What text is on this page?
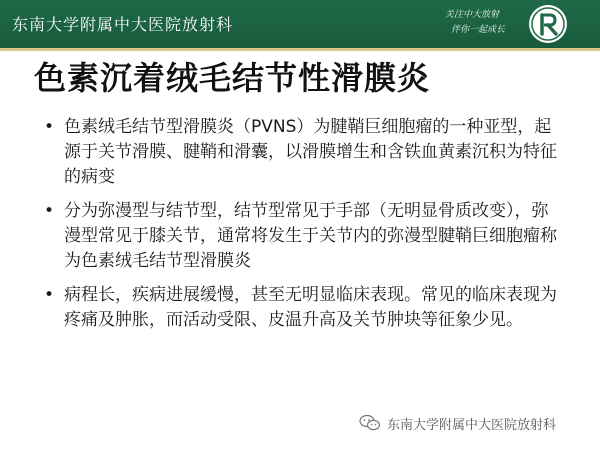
东南大学附属中大医院放射科	关注中大放射
伴你一起成长
色素沉着绒毛结节性滑膜炎
• 色素绒毛结节型滑膜炎（PVNS）为腱鞘巨细胞瘤的一种亚型，起源于关节滑膜、腱鞘和滑囊，以滑膜增生和含铁血黄素沉积为特征的病变
• 分为弥漫型与结节型，结节型常见于手部（无明显骨质改变），弥漫型常见于膝关节，通常将发生于关节内的弥漫型腱鞘巨细胞瘤称为色素绒毛结节型滑膜炎
• 病程长，疾病进展缓慢，甚至无明显临床表现。常见的临床表现为疼痛及肿胀，而活动受限、皮温升高及关节肿块等征象少见。
东南大学附属中大医院放射科
